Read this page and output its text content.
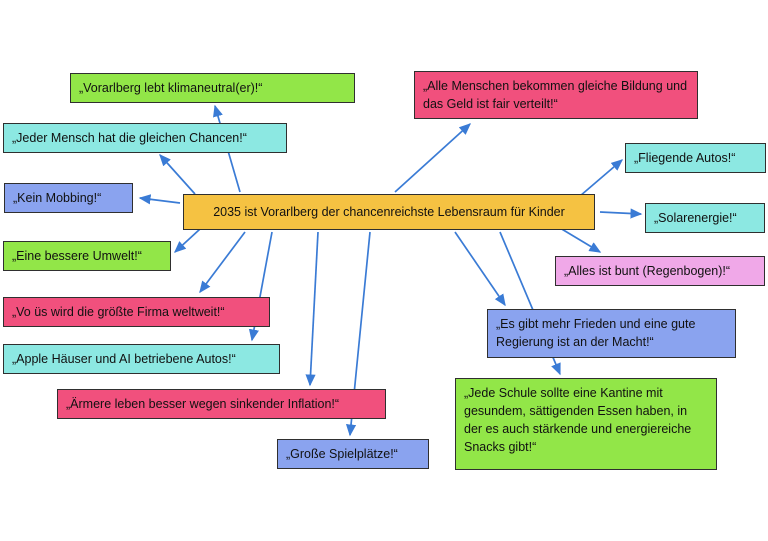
2035 ist Vorarlberg der chancenreichste Lebensraum für Kinder
„Vorarlberg lebt klimaneutral(er)!“	„Alle Menschen bekommen gleiche Bildung und das Geld ist fair verteilt!“
„Jeder Mensch hat die gleichen Chancen!“
„Fliegende Autos!“
„Kein Mobbing!“
„Solarenergie!“
„Eine bessere Umwelt!“
„Alles ist bunt (Regenbogen)!“
„Vo üs wird die größte Firma weltweit!“
„Es gibt mehr Frieden und eine gute Regierung ist an der Macht!“
„Apple Häuser und AI betriebene Autos!“
„Ärmere leben besser wegen sinkender Inflation!“
„Jede Schule sollte eine Kantine mit gesundem, sättigenden Essen haben, in der es auch stärkende und energiereiche Snacks gibt!“
„Große Spielplätze!“
